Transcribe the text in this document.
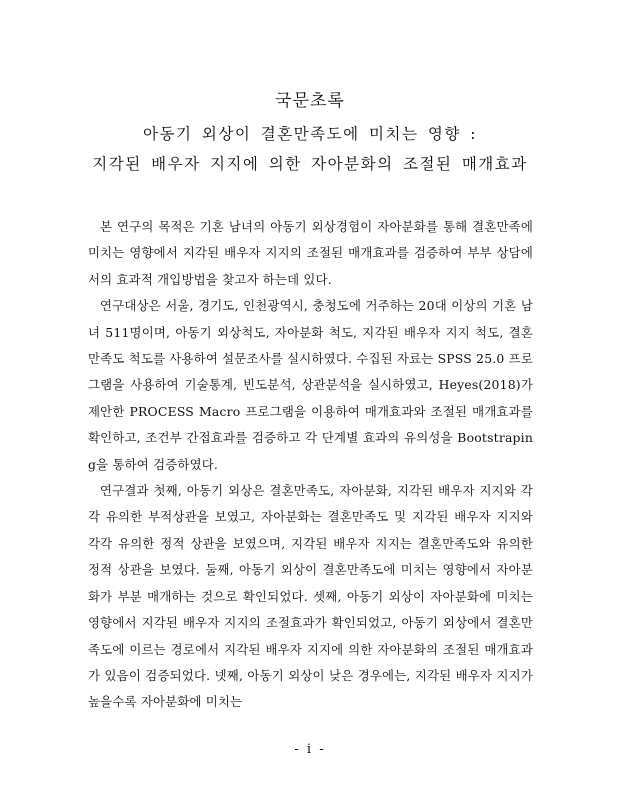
국문초록
아동기 외상이 결혼만족도에 미치는 영향 :
지각된 배우자 지지에 의한 자아분화의 조절된 매개효과

본 연구의 목적은 기혼 남녀의 아동기 외상경험이 자아분화를 통해 결혼만족에 미치는 영향에서 지각된 배우자 지지의 조절된 매개효과를 검증하여 부부 상담에서의 효과적 개입방법을 찾고자 하는데 있다.

연구대상은 서울, 경기도, 인천광역시, 충청도에 거주하는 20대 이상의 기혼 남녀 511명이며, 아동기 외상척도, 자아분화 척도, 지각된 배우자 지지 척도, 결혼만족도 척도를 사용하여 설문조사를 실시하였다. 수집된 자료는 SPSS 25.0 프로그램을 사용하여 기술통계, 빈도분석, 상관분석을 실시하였고, Heyes(2018)가 제안한 PROCESS Macro 프로그램을 이용하여 매개효과와 조절된 매개효과를 확인하고, 조건부 간접효과를 검증하고 각 단계별 효과의 유의성을 Bootstraping을 통하여 검증하였다.

연구결과 첫째, 아동기 외상은 결혼만족도, 자아분화, 지각된 배우자 지지와 각각 유의한 부적상관을 보였고, 자아분화는 결혼만족도 및 지각된 배우자 지지와 각각 유의한 정적 상관을 보였으며, 지각된 배우자 지지는 결혼만족도와 유의한 정적 상관을 보였다. 둘째, 아동기 외상이 결혼만족도에 미치는 영향에서 자아분화가 부분 매개하는 것으로 확인되었다. 셋째, 아동기 외상이 자아분화에 미치는 영향에서 지각된 배우자 지지의 조절효과가 확인되었고, 아동기 외상에서 결혼만족도에 이르는 경로에서 지각된 배우자 지지에 의한 자아분화의 조절된 매개효과가 있음이 검증되었다. 넷째, 아동기 외상이 낮은 경우에는, 지각된 배우자 지지가 높을수록 자아분화에 미치는

- i -
